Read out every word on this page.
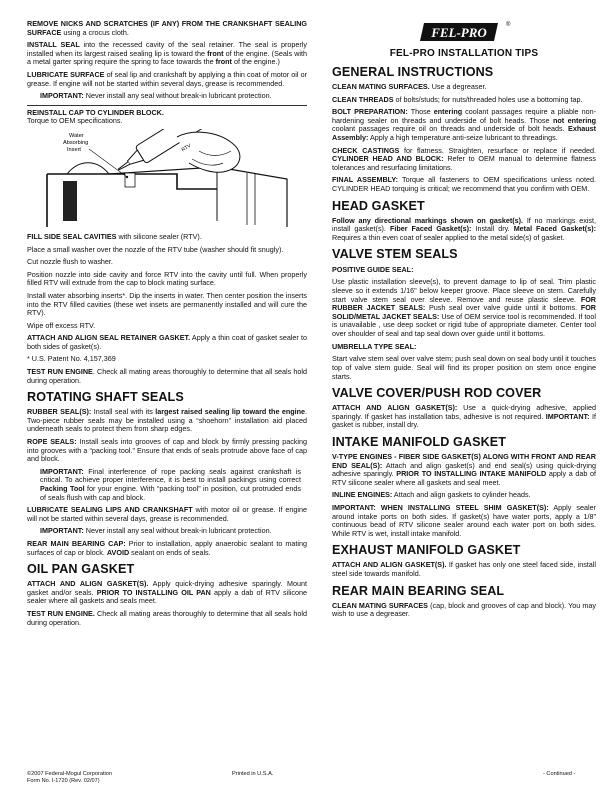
REMOVE NICKS AND SCRATCHES (IF ANY) FROM THE CRANKSHAFT SEALING SURFACE using a crocus cloth.

INSTALL SEAL into the recessed cavity of the seal retainer. The seal is properly installed when its largest raised sealing lip is toward the front of the engine. (Seals with a metal garter spring require the spring to face towards the front of the engine.)

LUBRICATE SURFACE of seal lip and crankshaft by applying a thin coat of motor oil or grease. If engine will not be started within several days, grease is recommended.

IMPORTANT: Never install any seal without break-in lubricant protection.

REINSTALL CAP TO CYLINDER BLOCK.
Torque to OEM specifications.

RTV
Water
Absorbing
Insert

FILL SIDE SEAL CAVITIES with silicone sealer (RTV).

Place a small washer over the nozzle of the RTV tube (washer should fit snugly).

Cut nozzle flush to washer.

Position nozzle into side cavity and force RTV into the cavity until full. When properly filled RTV will extrude from the cap to block mating surface.

Install water absorbing inserts*. Dip the inserts in water. Then center position the inserts into the RTV filled cavities (these wet insets are permanently installed and will cure the RTV).

Wipe off excess RTV.

ATTACH AND ALIGN SEAL RETAINER GASKET. Apply a thin coat of gasket sealer to both sides of gasket(s).

* U.S. Patent No. 4,157,369

TEST RUN ENGINE. Check all mating areas thoroughly to determine that all seals hold during operation.

ROTATING SHAFT SEALS

RUBBER SEAL(S): Install seal with its largest raised sealing lip toward the engine. Two-piece rubber seals may be installed using a “shoehorn” installation aid placed underneath seals to protect them from sharp edges.

ROPE SEALS: Install seals into grooves of cap and block by firmly pressing packing into grooves with a “packing tool.” Ensure that ends of seals protrude above face of cap and block.

IMPORTANT: Final interference of rope packing seals against crankshaft is critical. To achieve proper interference, it is best to install packings using correct Packing Tool for your engine. With “packing tool” in position, cut protruded ends of seals flush with cap and block.

LUBRICATE SEALING LIPS AND CRANKSHAFT with motor oil or grease. If engine will not be started within several days, grease is recommended.

IMPORTANT: Never install any seal without break-in lubricant protection.

REAR MAIN BEARING CAP: Prior to installation, apply anaerobic sealant to mating surfaces of cap or block. AVOID sealant on ends of seals.

OIL PAN GASKET

ATTACH AND ALIGN GASKET(S). Apply quick-drying adhesive sparingly. Mount gasket and/or seals. PRIOR TO INSTALLING OIL PAN apply a dab of RTV silicone sealer where all gaskets and seals meet.

TEST RUN ENGINE. Check all mating areas thoroughly to determine that all seals hold during operation.

©2007 Federal-Mogul Corporation
Form No. I-1720 (Rev. 02/07)
Printed in U.S.A.	- Continued -
FEL-PRO	®
FEL-PRO INSTALLATION TIPS
GENERAL INSTRUCTIONS

CLEAN MATING SURFACES. Use a degreaser.

CLEAN THREADS of bolts/studs; for nuts/threaded holes use a bottoming tap.

BOLT PREPARATION: Those entering coolant passages require a pliable non-hardening sealer on threads and underside of bolt heads. Those not entering coolant passages require oil on threads and underside of bolt heads. Exhaust Assembly: Apply a high temperature anti-seize lubricant to threadings.

CHECK CASTINGS for flatness. Straighten, resurface or replace if needed. CYLINDER HEAD AND BLOCK: Refer to OEM manual to determine flatness tolerances and resurfacing limitations.

FINAL ASSEMBLY: Torque all fasteners to OEM specifications unless noted. CYLINDER HEAD torquing is critical; we recommend that you confirm with OEM.

HEAD GASKET

Follow any directional markings shown on gasket(s). If no markings exist, install gasket(s). Fiber Faced Gasket(s): Install dry. Metal Faced Gasket(s): Requires a thin even coat of sealer applied to the metal side(s) of gasket.

VALVE STEM SEALS
POSITIVE GUIDE SEAL:

Use plastic installation sleeve(s), to prevent damage to lip of seal. Trim plastic sleeve so it extends 1/16" below keeper groove. Place sleeve on stem. Carefully start valve stem seal over sleeve. Remove and reuse plastic sleeve. FOR RUBBER JACKET SEALS: Push seal over valve guide until it bottoms. FOR SOLID/METAL JACKET SEALS: Use of OEM service tool is recommended. If tool is unavailable , use deep socket or rigid tube of appropriate diameter. Center tool over shoulder of seal and tap seal down over guide until it bottoms.

UMBRELLA TYPE SEAL:

Start valve stem seal over valve stem; push seal down on seal body until it touches top of valve stem guide. Seal will find its proper position on stem once engine starts.

VALVE COVER/PUSH ROD COVER

ATTACH AND ALIGN GASKET(S): Use a quick-drying adhesive, applied sparingly. If gasket has installation tabs, adhesive is not required. IMPORTANT: If gasket is rubber, install dry.

INTAKE MANIFOLD GASKET

V-TYPE ENGINES - FIBER SIDE GASKET(S) ALONG WITH FRONT AND REAR END SEAL(S): Attach and align gasket(s) and end seal(s) using quick-drying adhesive sparingly. PRIOR TO INSTALLING INTAKE MANIFOLD apply a dab of RTV silicone sealer where all gaskets and seal meet.

INLINE ENGINES: Attach and align gaskets to cylinder heads.

IMPORTANT: WHEN INSTALLING STEEL SHIM GASKET(S): Apply sealer around intake ports on both sides. If gasket(s) have water ports, apply a 1/8" continuous bead of RTV silicone sealer around each water port on both sides. While RTV is wet, install intake manifold.

EXHAUST MANIFOLD GASKET

ATTACH AND ALIGN GASKET(S). If gasket has only one steel faced side, install steel side towards manifold.

REAR MAIN BEARING SEAL

CLEAN MATING SURFACES (cap, block and grooves of cap and block). You may wish to use a degreaser.
